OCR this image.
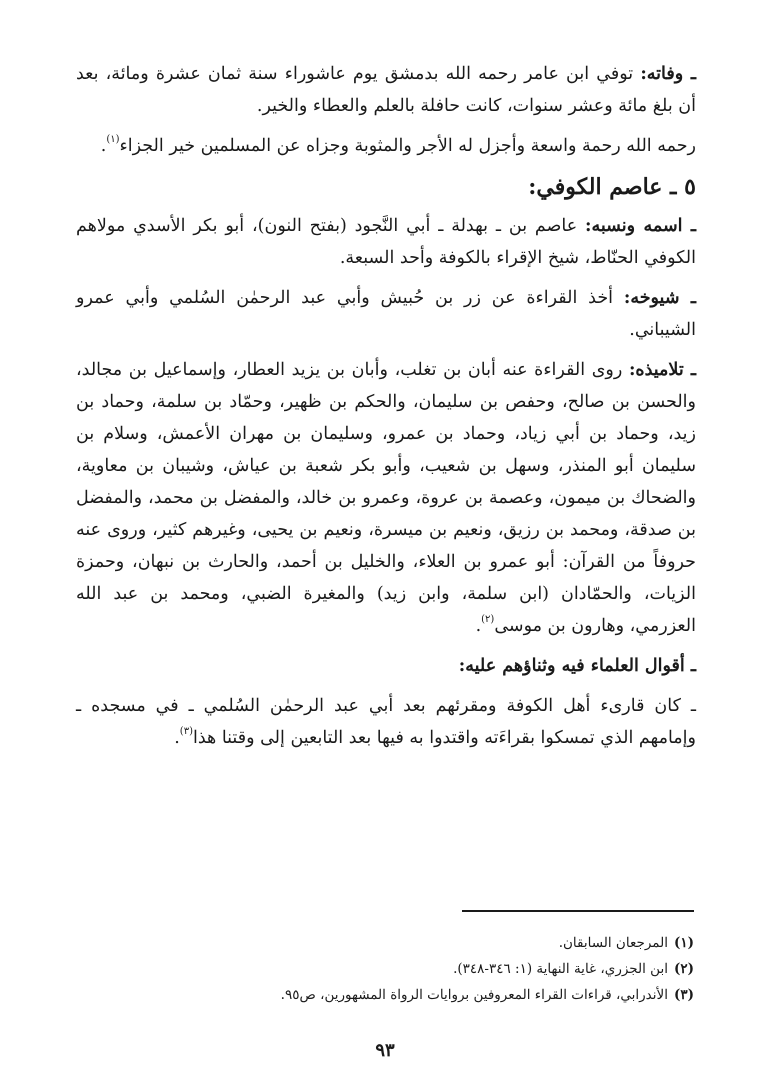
ـ وفاته: توفي ابن عامر رحمه الله بدمشق يوم عاشوراء سنة ثمان عشرة ومائة، بعد أن بلغ مائة وعشر سنوات، كانت حافلة بالعلم والعطاء والخير.

رحمه الله رحمة واسعة وأجزل له الأجر والمثوبة وجزاه عن المسلمين خير الجزاء$^{(١)}$.

٥ ـ عاصم الكوفي:

ـ اسمه ونسبه: عاصم بن ـ بهدلة ـ أبي النَّجود (بفتح النون)، أبو بكر الأسدي مولاهم الكوفي الحنّاط، شيخ الإقراء بالكوفة وأحد السبعة.

ـ شيوخه: أخذ القراءة عن زر بن حُبيش وأبي عبد الرحمٰن السُلمي وأبي عمرو الشيباني.

ـ تلاميذه: روى القراءة عنه أبان بن تغلب، وأبان بن يزيد العطار، وإسماعيل بن مجالد، والحسن بن صالح، وحفص بن سليمان، والحكم بن ظهير، وحمّاد بن سلمة، وحماد بن زيد، وحماد بن أبي زياد، وحماد بن عمرو، وسليمان بن مهران الأعمش، وسلام بن سليمان أبو المنذر، وسهل بن شعيب، وأبو بكر شعبة بن عياش، وشيبان بن معاوية، والضحاك بن ميمون، وعصمة بن عروة، وعمرو بن خالد، والمفضل بن محمد، والمفضل بن صدقة، ومحمد بن رزيق، ونعيم بن ميسرة، ونعيم بن يحيى، وغيرهم كثير، وروى عنه حروفاً من القرآن: أبو عمرو بن العلاء، والخليل بن أحمد، والحارث بن نبهان، وحمزة الزيات، والحمّادان (ابن سلمة، وابن زيد) والمغيرة الضبي، ومحمد بن عبد الله العزرمي، وهارون بن موسى$^{(٢)}$.

ـ أقوال العلماء فيه وثناؤهم عليه:

ـ كان قارىء أهل الكوفة ومقرئهم بعد أبي عبد الرحمٰن السُلمي ـ في مسجده ـ وإمامهم الذي تمسكوا بقراءَته واقتدوا به فيها بعد التابعين إلى وقتنا هذا$^{(٣)}$.

(١)المرجعان السابقان.

(٢)ابن الجزري، غاية النهاية (١: ٣٤٦-٣٤٨).

(٣)الأندرابي، قراءات القراء المعروفين بروايات الرواة المشهورين، ص٩٥.

٩٣
